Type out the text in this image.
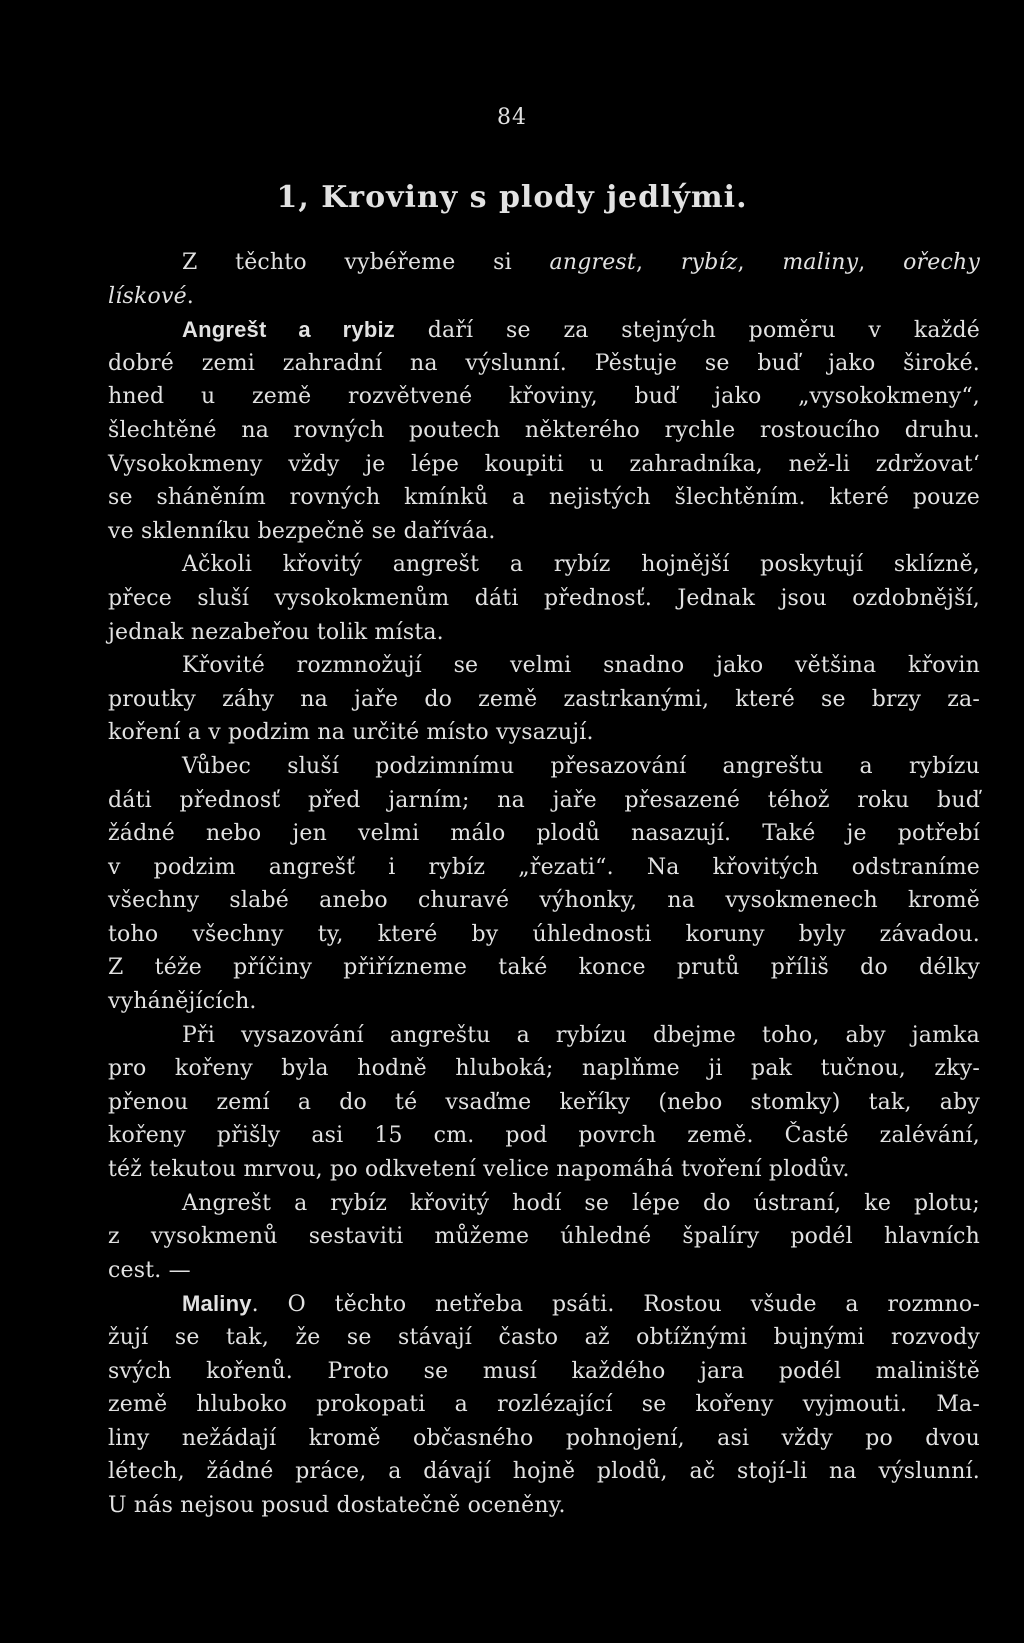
84
1, Kroviny s plody jedlými.
Z těchto vybéřeme si angrest, rybíz, maliny, ořechy
lískové.
Angrešt a rybiz daří se za stejných poměru v každé
dobré zemi zahradní na výslunní. Pěstuje se buď jako široké.
hned u země rozvětvené křoviny, buď jako „vysokokmeny“,
šlechtěné na rovných poutech některého rychle rostoucího druhu.
Vysokokmeny vždy je lépe koupiti u zahradníka, než-li zdržovat‘
se sháněním rovných kmínků a nejistých šlechtěním. které pouze
ve sklenníku bezpečně se daříváa.
Ačkoli křovitý angrešt a rybíz hojnější poskytují sklízně,
přece sluší vysokokmenům dáti přednosť. Jednak jsou ozdobnější,
jednak nezabeřou tolik místa.
Křovité rozmnožují se velmi snadno jako většina křovin
proutky záhy na jaře do země zastrkanými, které se brzy za-
koření a v podzim na určité místo vysazují.
Vůbec sluší podzimnímu přesazování angreštu a rybízu
dáti přednosť před jarním; na jaře přesazené téhož roku buď
žádné nebo jen velmi málo plodů nasazují. Také je potřebí
v podzim angrešť i rybíz „řezati“. Na křovitých odstraníme
všechny slabé anebo churavé výhonky, na vysokmenech kromě
toho všechny ty, které by úhlednosti koruny byly závadou.
Z téže příčiny přiřízneme také konce prutů příliš do délky
vyhánějících.
Při vysazování angreštu a rybízu dbejme toho, aby jamka
pro kořeny byla hodně hluboká; naplňme ji pak tučnou, zky-
přenou zemí a do té vsaďme keříky (nebo stomky) tak, aby
kořeny přišly asi 15 cm. pod povrch země. Časté zalévání,
též tekutou mrvou, po odkvetení velice napomáhá tvoření plodův.
Angrešt a rybíz křovitý hodí se lépe do ústraní, ke plotu;
z vysokmenů sestaviti můžeme úhledné špalíry podél hlavních
cest. —
Maliny. O těchto netřeba psáti. Rostou všude a rozmno-
žují se tak, že se stávají často až obtížnými bujnými rozvody
svých kořenů. Proto se musí každého jara podél maliniště
země hluboko prokopati a rozlézající se kořeny vyjmouti. Ma-
liny nežádají kromě občasného pohnojení, asi vždy po dvou
létech, žádné práce, a dávají hojně plodů, ač stojí-li na výslunní.
U nás nejsou posud dostatečně oceněny.
